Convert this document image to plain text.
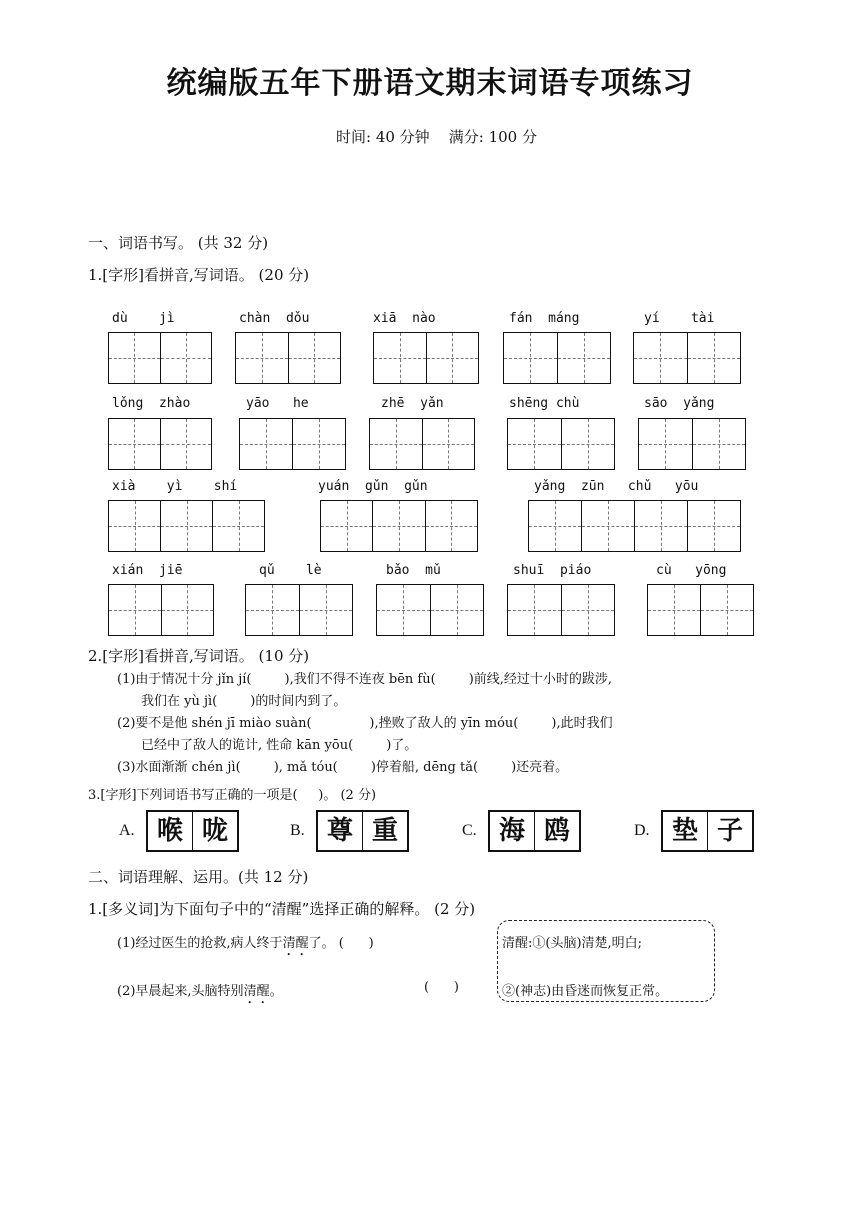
统编版五年下册语文期末词语专项练习
时间: 40 分钟    满分: 100 分
一、词语书写。 (共 32 分)
1.[字形]看拼音,写词语。 (20 分)
dù    jì	chàn  dǒu	xiā  nào	fán  máng	yí    tài
lǒng  zhào	yāo   he	zhē  yǎn	shēng chù	sāo  yǎng
xià    yì    shí	yuán  gǔn  gǔn	yǎng  zūn   chǔ   yōu
xián  jiē	qǔ    lè	bǎo  mǔ	shuī  piáo	cù   yōng
2.[字形]看拼音,写词语。 (10 分)
(1)由于情况十分 jǐn jí(        ),我们不得不连夜 bēn fù(        )前线,经过十小时的跋涉,
我们在 yù jì(        )的时间内到了。
(2)要不是他 shén jī miào suàn(              ),挫败了敌人的 yīn móu(        ),此时我们
已经中了敌人的诡计, 性命 kān yōu(        )了。
(3)水面渐渐 chén jì(        ), mǎ tóu(        )停着船, dēng tǎ(        )还亮着。
3.[字形]下列词语书写正确的一项是(     )。 (2 分)
A. 喉 咙	B. 尊 重	C. 海 鸥	D. 垫 子
二、词语理解、运用。(共 12 分)
1.[多义词]为下面句子中的“清醒”选择正确的解释。 (2 分)
(1)经过医生的抢救,病人终于清醒了。 (      )
(2)早晨起来,头脑特别清醒。	(      )
清醒:①(头脑)清楚,明白;
②(神志)由昏迷而恢复正常。
